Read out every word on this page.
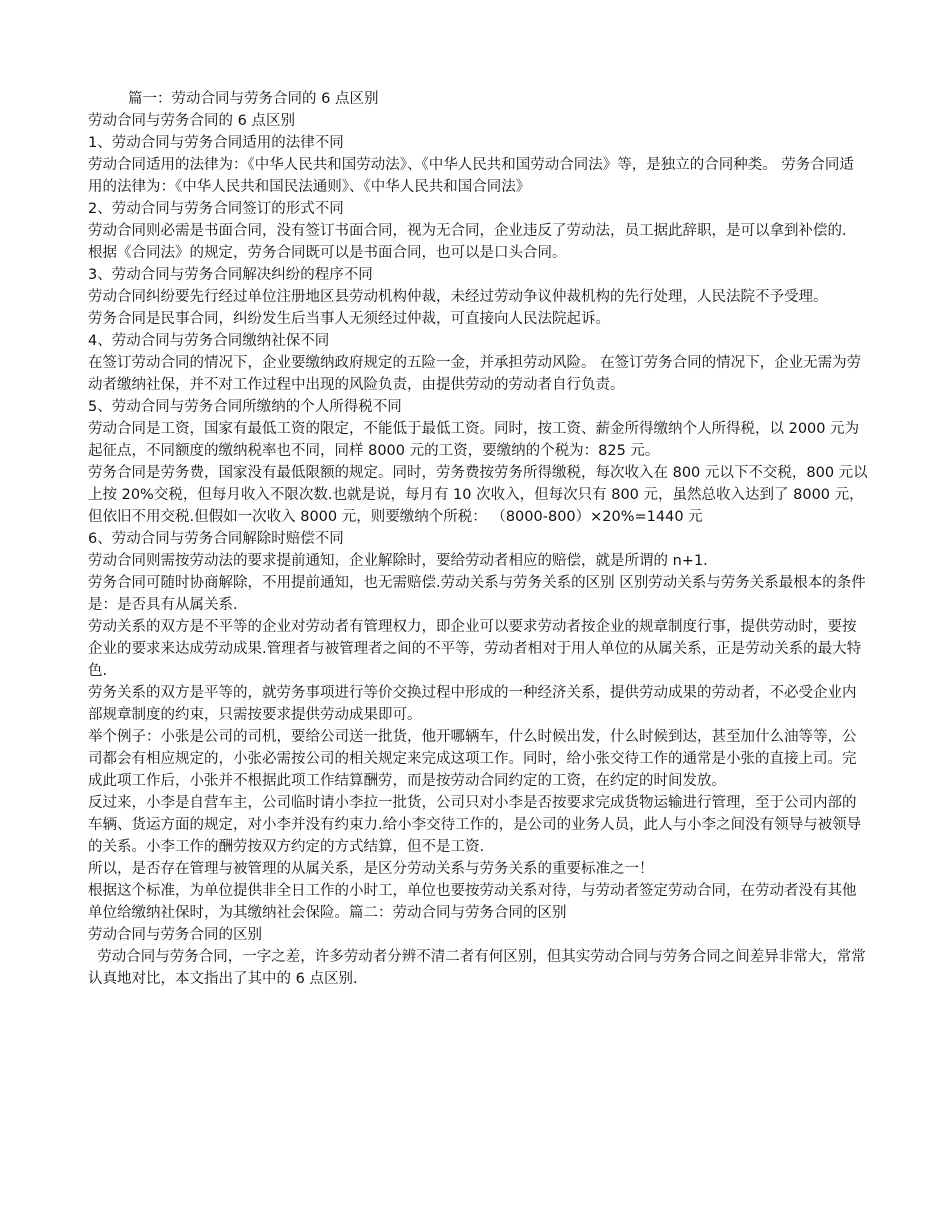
篇一：劳动合同与劳务合同的 6 点区别
劳动合同与劳务合同的 6 点区别
1、劳动合同与劳务合同适用的法律不同

劳动合同适用的法律为：《中华人民共和国劳动法》、《中华人民共和国劳动合同法》等，是独立的合同种类。 劳务合同适用的法律为：《中华人民共和国民法通则》、《中华人民共和国合同法》

2、劳动合同与劳务合同签订的形式不同

劳动合同则必需是书面合同，没有签订书面合同，视为无合同，企业违反了劳动法，员工据此辞职，是可以拿到补偿的.

根据《合同法》的规定，劳务合同既可以是书面合同，也可以是口头合同。

3、劳动合同与劳务合同解决纠纷的程序不同

劳动合同纠纷要先行经过单位注册地区县劳动机构仲裁，未经过劳动争议仲裁机构的先行处理，人民法院不予受理。

劳务合同是民事合同，纠纷发生后当事人无须经过仲裁，可直接向人民法院起诉。

4、劳动合同与劳务合同缴纳社保不同

在签订劳动合同的情况下，企业要缴纳政府规定的五险一金，并承担劳动风险。 在签订劳务合同的情况下，企业无需为劳动者缴纳社保，并不对工作过程中出现的风险负责，由提供劳动的劳动者自行负责。

5、劳动合同与劳务合同所缴纳的个人所得税不同

劳动合同是工资，国家有最低工资的限定，不能低于最低工资。同时，按工资、薪金所得缴纳个人所得税，以 2000 元为起征点，不同额度的缴纳税率也不同，同样 8000 元的工资，要缴纳的个税为：825 元。

劳务合同是劳务费，国家没有最低限额的规定。同时，劳务费按劳务所得缴税，每次收入在 800 元以下不交税，800 元以上按 20%交税，但每月收入不限次数.也就是说，每月有 10 次收入，但每次只有 800 元，虽然总收入达到了 8000 元，但依旧不用交税.但假如一次收入 8000 元，则要缴纳个所税： （8000-800）×20%=1440 元

6、劳动合同与劳务合同解除时赔偿不同

劳动合同则需按劳动法的要求提前通知，企业解除时，要给劳动者相应的赔偿，就是所谓的 n+1.

劳务合同可随时协商解除，不用提前通知，也无需赔偿.劳动关系与劳务关系的区别 区别劳动关系与劳务关系最根本的条件是：是否具有从属关系.

劳动关系的双方是不平等的企业对劳动者有管理权力，即企业可以要求劳动者按企业的规章制度行事，提供劳动时，要按企业的要求来达成劳动成果.管理者与被管理者之间的不平等，劳动者相对于用人单位的从属关系，正是劳动关系的最大特色.

劳务关系的双方是平等的，就劳务事项进行等价交换过程中形成的一种经济关系，提供劳动成果的劳动者，不必受企业内部规章制度的约束，只需按要求提供劳动成果即可。

举个例子：小张是公司的司机，要给公司送一批货，他开哪辆车，什么时候出发，什么时候到达，甚至加什么油等等，公司都会有相应规定的，小张必需按公司的相关规定来完成这项工作。同时，给小张交待工作的通常是小张的直接上司。完成此项工作后，小张并不根据此项工作结算酬劳，而是按劳动合同约定的工资，在约定的时间发放。

反过来，小李是自营车主，公司临时请小李拉一批货，公司只对小李是否按要求完成货物运输进行管理，至于公司内部的车辆、货运方面的规定，对小李并没有约束力.给小李交待工作的，是公司的业务人员，此人与小李之间没有领导与被领导的关系。小李工作的酬劳按双方约定的方式结算，但不是工资.

所以，是否存在管理与被管理的从属关系，是区分劳动关系与劳务关系的重要标准之一！

根据这个标准，为单位提供非全日工作的小时工，单位也要按劳动关系对待，与劳动者签定劳动合同，在劳动者没有其他单位给缴纳社保时，为其缴纳社会保险。篇二：劳动合同与劳务合同的区别

劳动合同与劳务合同的区别

劳动合同与劳务合同，一字之差，许多劳动者分辨不清二者有何区别，但其实劳动合同与劳务合同之间差异非常大，常常认真地对比，本文指出了其中的 6 点区别.
